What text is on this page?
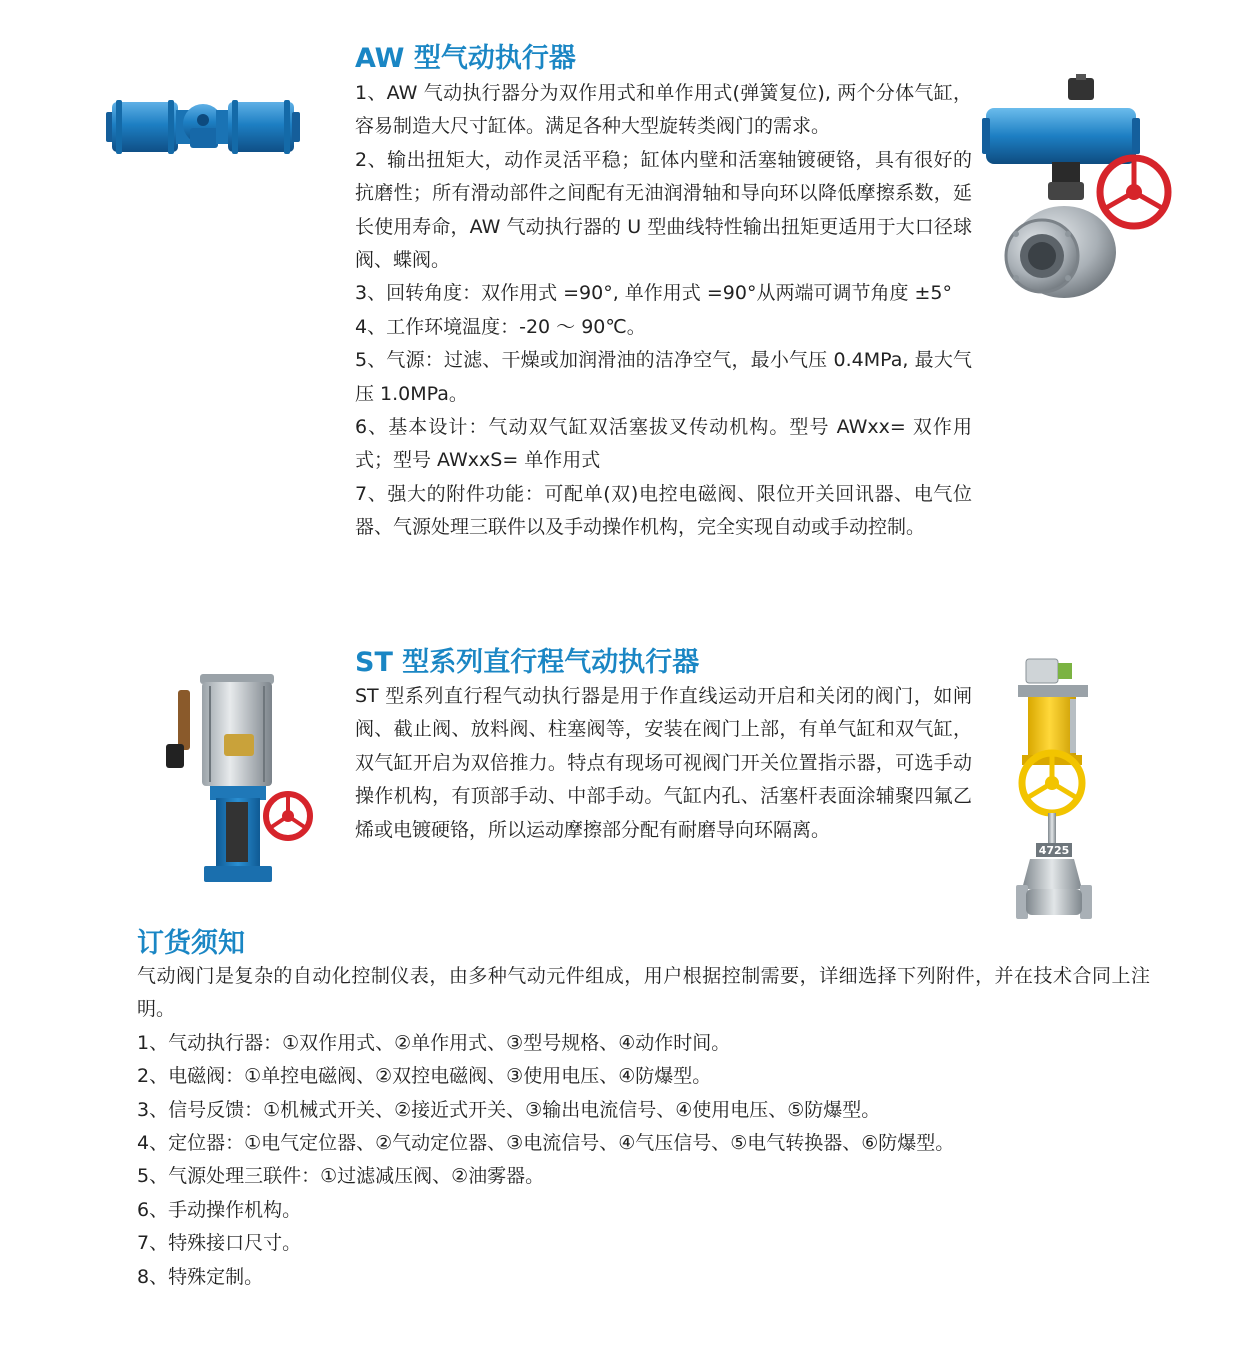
AW 型气动执行器
1、AW 气动执行器分为双作用式和单作用式(弹簧复位), 两个分体气缸，容易制造大尺寸缸体。满足各种大型旋转类阀门的需求。
2、输出扭矩大，动作灵活平稳；缸体内壁和活塞轴镀硬铬，具有很好的抗磨性；所有滑动部件之间配有无油润滑轴和导向环以降低摩擦系数，延长使用寿命，AW 气动执行器的 U 型曲线特性输出扭矩更适用于大口径球阀、蝶阀。
3、回转角度：双作用式 =90°, 单作用式 =90°从两端可调节角度 ±5°
4、工作环境温度：-20 ～ 90℃。
5、气源：过滤、干燥或加润滑油的洁净空气，最小气压 0.4MPa, 最大气压 1.0MPa。
6、基本设计：气动双气缸双活塞拔叉传动机构。型号 AWxx= 双作用式；型号 AWxxS= 单作用式
7、强大的附件功能：可配单(双)电控电磁阀、限位开关回讯器、电气位器、气源处理三联件以及手动操作机构，完全实现自动或手动控制。
ST 型系列直行程气动执行器
ST 型系列直行程气动执行器是用于作直线运动开启和关闭的阀门，如闸阀、截止阀、放料阀、柱塞阀等，安装在阀门上部，有单气缸和双气缸，双气缸开启为双倍推力。特点有现场可视阀门开关位置指示器，可选手动操作机构，有顶部手动、中部手动。气缸内孔、活塞杆表面涂辅聚四氟乙烯或电镀硬铬，所以运动摩擦部分配有耐磨导向环隔离。
4725
订货须知
气动阀门是复杂的自动化控制仪表，由多种气动元件组成，用户根据控制需要，详细选择下列附件，并在技术合同上注明。
1、气动执行器：①双作用式、②单作用式、③型号规格、④动作时间。
2、电磁阀：①单控电磁阀、②双控电磁阀、③使用电压、④防爆型。
3、信号反馈：①机械式开关、②接近式开关、③输出电流信号、④使用电压、⑤防爆型。
4、定位器：①电气定位器、②气动定位器、③电流信号、④气压信号、⑤电气转换器、⑥防爆型。
5、气源处理三联件：①过滤减压阀、②油雾器。
6、手动操作机构。
7、特殊接口尺寸。
8、特殊定制。
